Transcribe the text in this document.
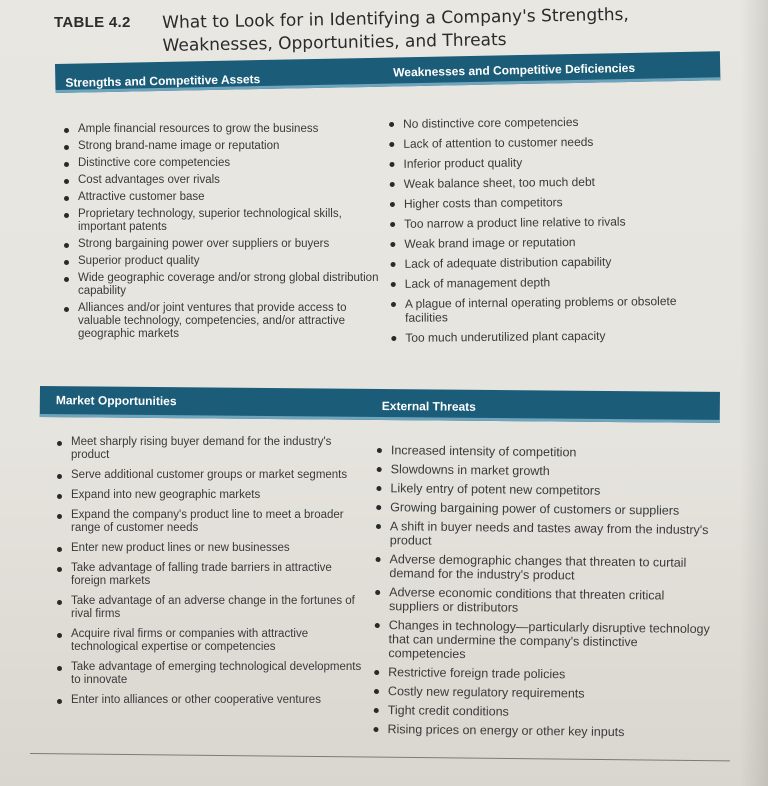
TABLE 4.2 What to Look for in Identifying a Company's Strengths, Weaknesses, Opportunities, and Threats
Strengths and Competitive Assets
Weaknesses and Competitive Deficiencies
Ample financial resources to grow the business
Strong brand-name image or reputation
Distinctive core competencies
Cost advantages over rivals
Attractive customer base
Proprietary technology, superior technological skills, important patents
Strong bargaining power over suppliers or buyers
Superior product quality
Wide geographic coverage and/or strong global distribution capability
Alliances and/or joint ventures that provide access to valuable technology, competencies, and/or attractive geographic markets
No distinctive core competencies
Lack of attention to customer needs
Inferior product quality
Weak balance sheet, too much debt
Higher costs than competitors
Too narrow a product line relative to rivals
Weak brand image or reputation
Lack of adequate distribution capability
Lack of management depth
A plague of internal operating problems or obsolete facilities
Too much underutilized plant capacity
Market Opportunities	External Threats
Meet sharply rising buyer demand for the industry's product
Serve additional customer groups or market segments
Expand into new geographic markets
Expand the company's product line to meet a broader range of customer needs
Enter new product lines or new businesses
Take advantage of falling trade barriers in attractive foreign markets
Take advantage of an adverse change in the fortunes of rival firms
Acquire rival firms or companies with attractive technological expertise or competencies
Take advantage of emerging technological developments to innovate
Enter into alliances or other cooperative ventures
Increased intensity of competition
Slowdowns in market growth
Likely entry of potent new competitors
Growing bargaining power of customers or suppliers
A shift in buyer needs and tastes away from the industry's product
Adverse demographic changes that threaten to curtail demand for the industry's product
Adverse economic conditions that threaten critical suppliers or distributors
Changes in technology—particularly disruptive technology that can undermine the company's distinctive competencies
Restrictive foreign trade policies
Costly new regulatory requirements
Tight credit conditions
Rising prices on energy or other key inputs
